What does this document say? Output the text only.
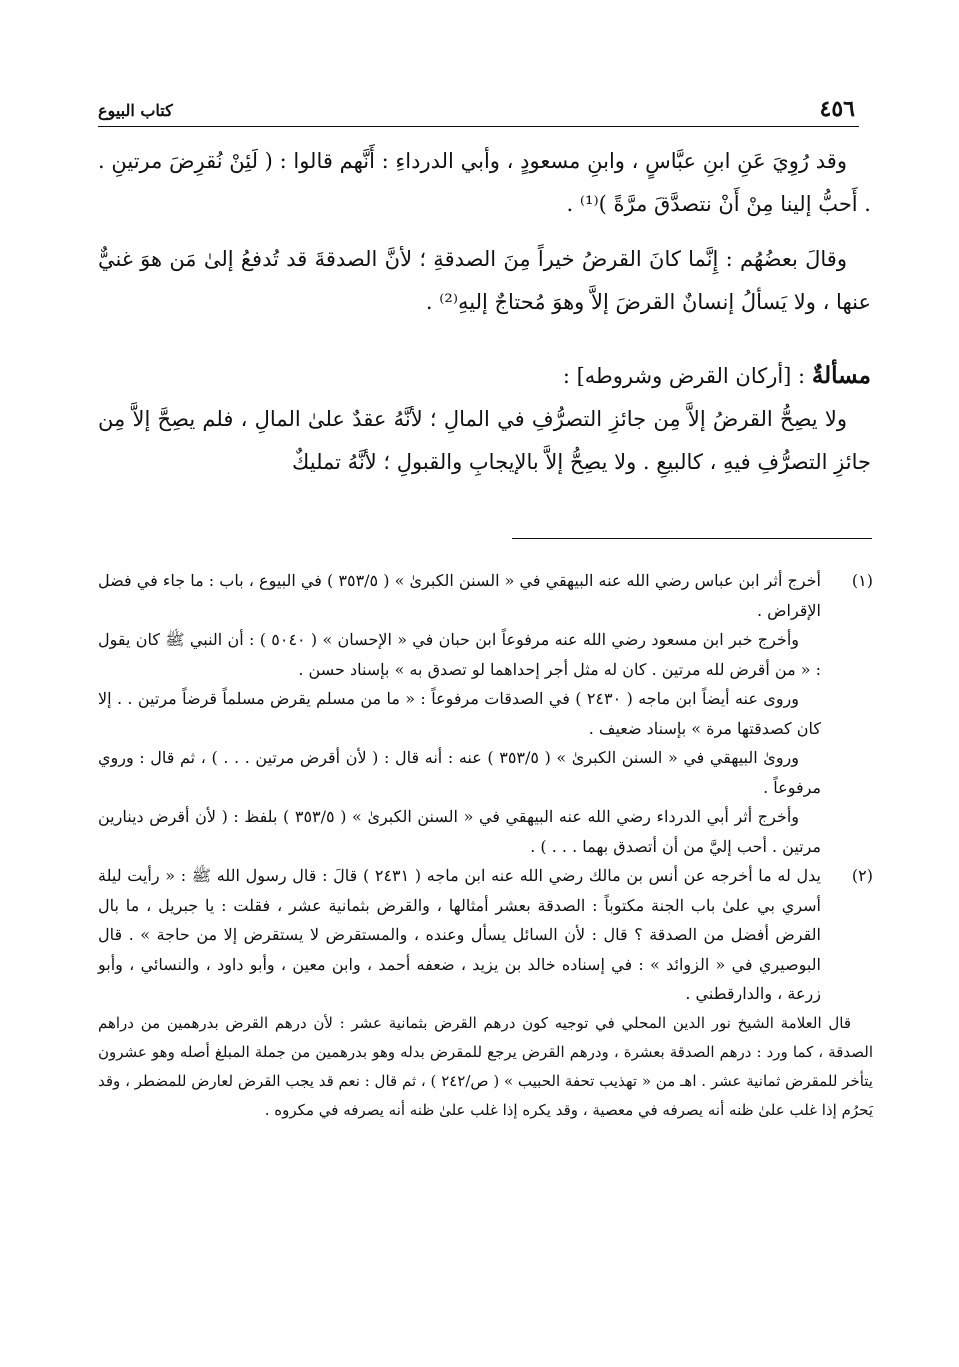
كتاب البيوع	٤٥٦

وقد رُوِيَ عَنِ ابنِ عبَّاسٍ ، وابنِ مسعودٍ ، وأبي الدرداءِ : أَنَّهم قالوا : ( لَئِنْ نُقرِضَ مرتينِ . . أَحبُّ إلينا مِنْ أَنْ نتصدَّقَ مرَّةً )⁽¹⁾ .

وقالَ بعضُهُم : إِنَّما كانَ القرضُ خيراً مِنَ الصدقةِ ؛ لأنَّ الصدقةَ قد تُدفعُ إلىٰ مَن هوَ غنيٌّ عنها ، ولا يَسألُ إنسانٌ القرضَ إلاَّ وهوَ مُحتاجٌ إليهِ⁽²⁾ .

مسألةٌ : [أركان القرض وشروطه] :

ولا يصِحُّ القرضُ إلاَّ مِن جائزِ التصرُّفِ في المالِ ؛ لأنَّهُ عقدٌ علىٰ المالِ ، فلم يصِحَّ إلاَّ مِن جائزِ التصرُّفِ فيهِ ، كالبيعِ . ولا يصِحُّ إلاَّ بالإيجابِ والقبولِ ؛ لأنَّهُ تمليكٌ

(١)

أخرج أثر ابن عباس رضي الله عنه البيهقي في « السنن الكبرىٰ » ( ٣٥٣/٥ ) في البيوع ، باب : ما جاء في فضل الإقراض .

وأخرج خبر ابن مسعود رضي الله عنه مرفوعاً ابن حبان في « الإحسان » ( ٥٠٤٠ ) : أن النبي ﷺ كان يقول : « من أقرض لله مرتين . كان له مثل أجر إحداهما لو تصدق به » بإسناد حسن .

وروى عنه أيضاً ابن ماجه ( ٢٤٣٠ ) في الصدقات مرفوعاً : « ما من مسلم يقرض مسلماً قرضاً مرتين . . إلا كان كصدقتها مرة » بإسناد ضعيف .

ورویٰ البيهقي في « السنن الكبرىٰ » ( ٣٥٣/٥ ) عنه : أنه قال : ( لأن أقرض مرتين . . . ) ، ثم قال : وروي مرفوعاً .

وأخرج أثر أبي الدرداء رضي الله عنه البيهقي في « السنن الكبرىٰ » ( ٣٥٣/٥ ) بلفظ : ( لأن أقرض دينارين مرتين . أحب إليَّ من أن أتصدق بهما . . . ) .

(٢)

يدل له ما أخرجه عن أنس بن مالك رضي الله عنه ابن ماجه ( ٢٤٣١ ) قالَ : قال رسول الله ﷺ : « رأيت ليلة أسري بي علىٰ باب الجنة مكتوباً : الصدقة بعشر أمثالها ، والقرض بثمانية عشر ، فقلت : يا جبريل ، ما بال القرض أفضل من الصدقة ؟ قال : لأن السائل يسأل وعنده ، والمستقرض لا يستقرض إلا من حاجة » . قال البوصيري في « الزوائد » : في إسناده خالد بن يزيد ، ضعفه أحمد ، وابن معين ، وأبو داود ، والنسائي ، وأبو زرعة ، والدارقطني .

قال العلامة الشيخ نور الدين المحلي في توجيه كون درهم القرض بثمانية عشر : لأن درهم القرض بدرهمين من دراهم الصدقة ، كما ورد : درهم الصدقة بعشرة ، ودرهم القرض يرجع للمقرض بدله وهو بدرهمين من جملة المبلغ أصله وهو عشرون يتأخر للمقرض ثمانية عشر . اهـ من « تهذيب تحفة الحبيب » ( ص/٢٤٢ ) ، ثم قال : نعم قد يجب القرض لعارض للمضطر ، وقد يَحرُم إذا غلب علىٰ ظنه أنه يصرفه في معصية ، وقد يكره إذا غلب علىٰ ظنه أنه يصرفه في مكروه .
